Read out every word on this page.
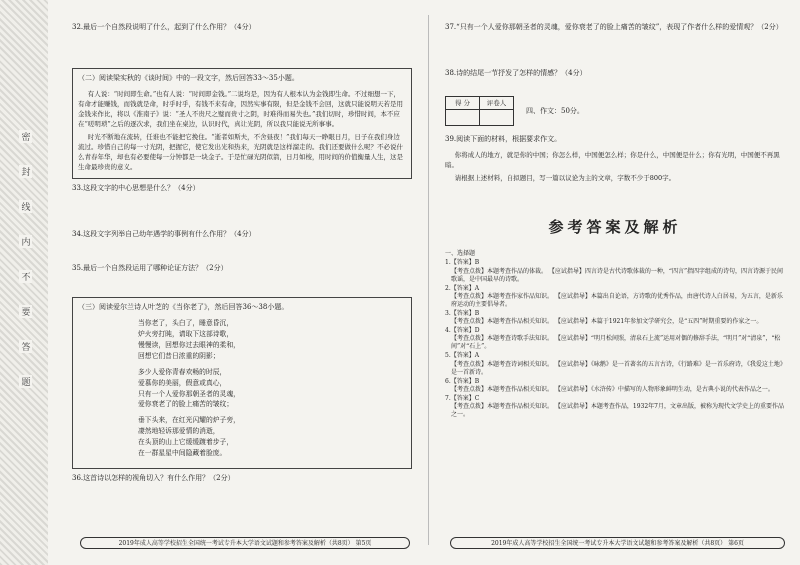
密
封
线
内
不
要
答
题
32.最后一个自然段说明了什么，起到了什么作用？（4分）
（二）阅读梁实秋的《谈时间》中的一段文字，然后回答33～35小题。
有人说：“时间即生命。”也有人说：“时间即金钱。”二说均是，因为有人根本认为金钱即生命。不过细想一下，有命才能赚钱，而钱就是命，时乎时乎，有钱不来有命，因然实事有限，但是金钱不会回，这就只能说明天若是用金钱来作比，将以《淮南子》说：“圣人不贵尺之璧而贵寸之阴，时难得而易失也。”我们切时，珍惜时间，本不应在“嗟明琐”之后的逐次求，我们坐在桌边，认识时代，真让光阴，所以我只能说无所事事。
时光不断地在流转，任谁也不能把它挽住。“逝者如斯夫，不舍昼夜！”我们每天一睁眼日月，日子在我们身边流过。珍惜自己的每一寸光阴，把握它，使它发出光和热来，光阴就是这样溜走的。我们还要做什么呢？不必说什么青春年华，却也有必要使每一分钟都是一块金子。于是忙碌光阴似箭，日月如梭，用时间的价值衡量人生，这是生命最珍贵的意义。
33.这段文字的中心思想是什么？（4分）
34.这段文字列举自己幼年遇学的事例有什么作用？（4分）
35.最后一个自然段运用了哪种论证方法？（2分）
（三）阅读爱尔兰诗人叶芝的《当你老了》，然后回答36～38小题。
当你老了，头白了，睡意昏沉，
炉火旁打盹，请取下这部诗歌，
慢慢读，回想你过去眼神的柔和，
回想它们昔日浓重的阴影；
多少人爱你青春欢畅的时辰，
爱慕你的美丽，假意或真心，
只有一个人爱你那朝圣者的灵魂，
爱你衰老了的脸上痛苦的皱纹；
垂下头来，在红光闪耀的炉子旁，
凄然地轻诉那爱情的消逝，
在头顶的山上它缓缓踱着步子，
在一群星星中间隐藏着脸庞。
36.这首诗以怎样的视角切入？有什么作用？（2分）
2019年成人高等学校招生全国统一考试专升本大学语文试题和参考答案及解析（共8页） 第5页
37.“只有一个人爱你那朝圣者的灵魂，爱你衰老了的脸上痛苦的皱纹”，表现了作者什么样的爱情观？（2分）
38.诗的结尾一节抒发了怎样的情感？（4分）
得 分	评卷人

四、作文：50分。
39.阅读下面的材料，根据要求作文。
你将成人的地方，就是你的中国；你怎么样，中国便怎么样；你是什么，中国便是什么；你有光明，中国便不再黑暗。
请根据上述材料，自拟题目，写一篇以议论为主的文章，字数不少于800字。
参考答案及解析
一、选择题
1.【答案】B
【考查点拨】本题考查作品的体裁。 【应试指导】四言诗是古代诗歌体裁的一种，“四言”指四字组成的诗句，四言诗源于民间歌谣，是中国最早的诗歌。
2.【答案】A
【考查点拨】本题考查作家作品知识。 【应试指导】本篇出自论语，方诗歌的优秀作品，由唐代诗人白居易，为五言，是新乐府运动的主要倡导者。
3.【答案】B
【考查点拨】本题考查作品相关知识。 【应试指导】本篇于1921年参加文学研究会，是“五四”时期重要的作家之一。
4.【答案】D
【考查点拨】本题考查诗歌手法知识。 【应试指导】“明月松间照，清泉石上流”运用对偶的修辞手法，“明月”对“清泉”，“松间”对“石上”。
5.【答案】A
【考查点拨】本题考查诗词相关知识。 【应试指导】《咏鹅》是一首著名的五言古诗，《行路难》是一首乐府诗，《我爱这土地》是一首新诗。
6.【答案】B
【考查点拨】本题考查作品相关知识。 【应试指导】《水浒传》中描写的人物形象鲜明生动，是古典小说的代表作品之一。
7.【答案】C
【考查点拨】本题考查作品相关知识。 【应试指导】本题考查作品，1932年7月，文章出版，被称为现代文学史上的重要作品之一。
2019年成人高等学校招生全国统一考试专升本大学语文试题和参考答案及解析（共8页） 第6页
